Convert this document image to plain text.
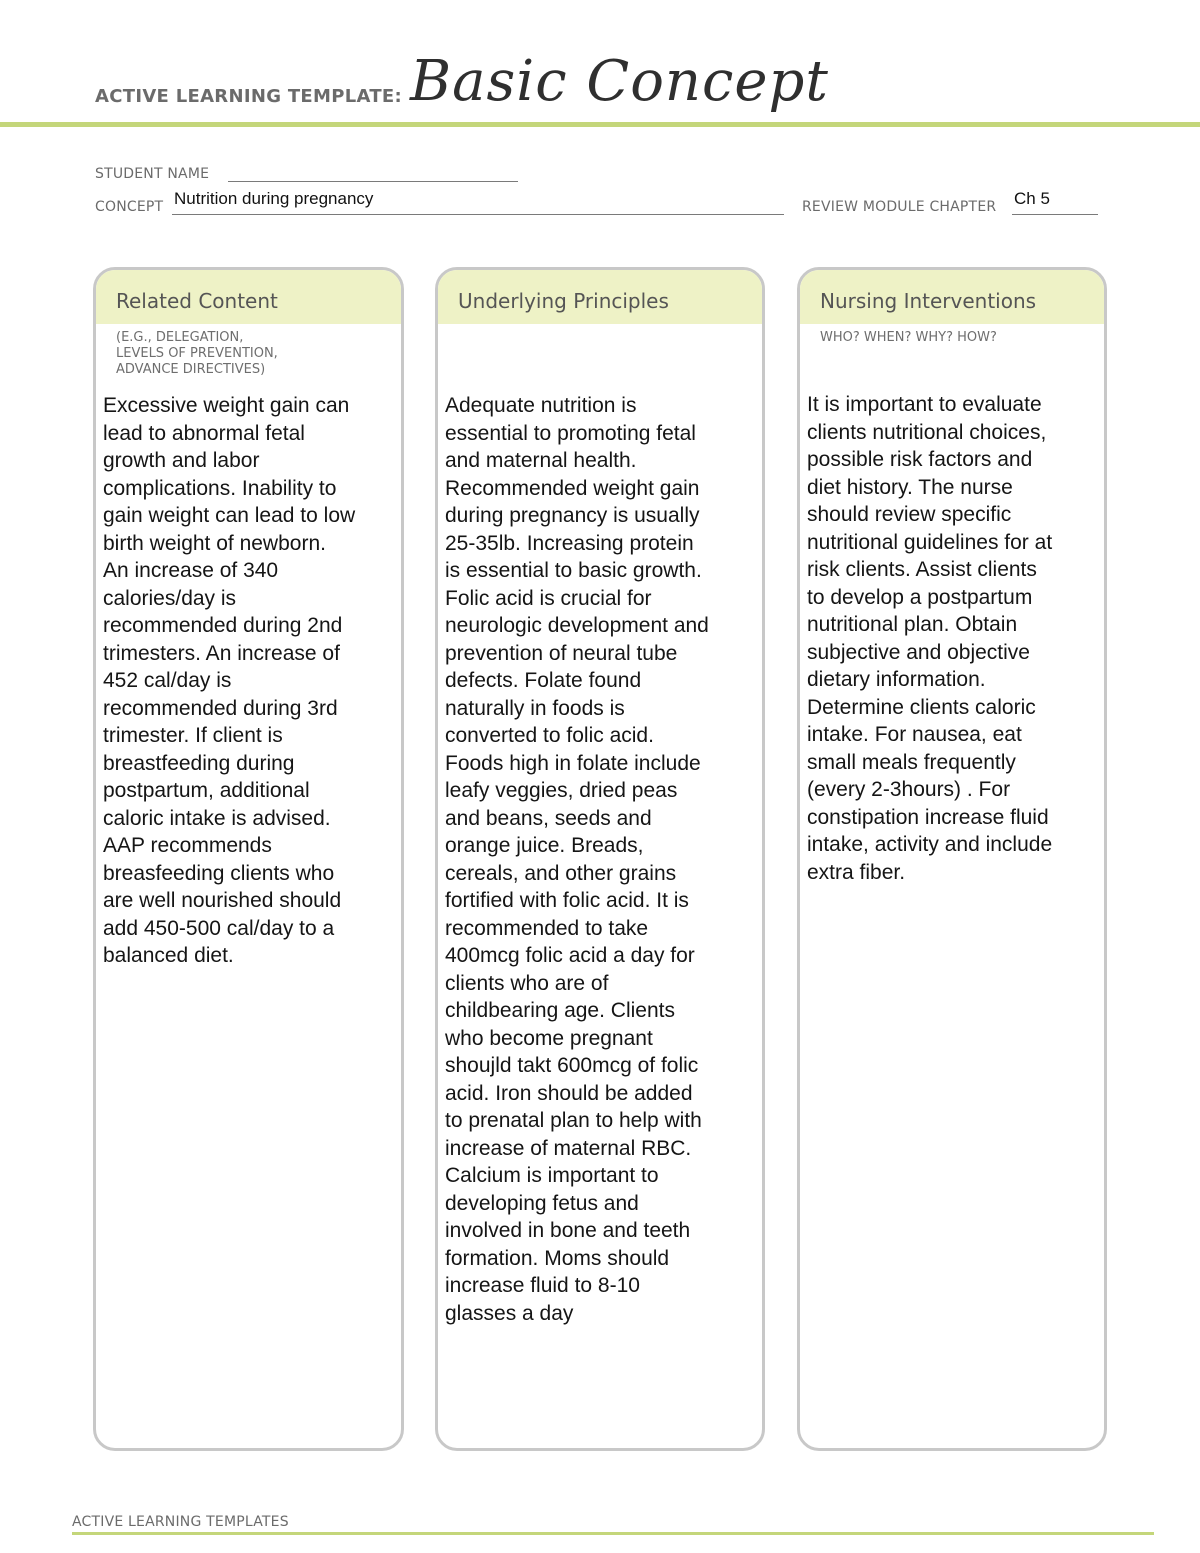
ACTIVE LEARNING TEMPLATE: Basic Concept
STUDENT NAME
CONCEPT Nutrition during pregnancy	REVIEW MODULE CHAPTER Ch 5
Related Content
(E.G., DELEGATION,
LEVELS OF PREVENTION,
ADVANCE DIRECTIVES)
Excessive weight gain can
lead to abnormal fetal
growth and labor
complications. Inability to
gain weight can lead to low
birth weight of newborn.
An increase of 340
calories/day is
recommended during 2nd
trimesters. An increase of
452 cal/day is
recommended during 3rd
trimester. If client is
breastfeeding during
postpartum, additional
caloric intake is advised.
AAP recommends
breasfeeding clients who
are well nourished should
add 450-500 cal/day to a
balanced diet.
Underlying Principles
Adequate nutrition is
essential to promoting fetal
and maternal health.
Recommended weight gain
during pregnancy is usually
25-35lb. Increasing protein
is essential to basic growth.
Folic acid is crucial for
neurologic development and
prevention of neural tube
defects. Folate found
naturally in foods is
converted to folic acid.
Foods high in folate include
leafy veggies, dried peas
and beans, seeds and
orange juice. Breads,
cereals, and other grains
fortified with folic acid. It is
recommended to take
400mcg folic acid a day for
clients who are of
childbearing age. Clients
who become pregnant
shoujld takt 600mcg of folic
acid. Iron should be added
to prenatal plan to help with
increase of maternal RBC.
Calcium is important to
developing fetus and
involved in bone and teeth
formation. Moms should
increase fluid to 8-10
glasses a day
Nursing Interventions
WHO? WHEN? WHY? HOW?
It is important to evaluate
clients nutritional choices,
possible risk factors and
diet history. The nurse
should review specific
nutritional guidelines for at
risk clients. Assist clients
to develop a postpartum
nutritional plan. Obtain
subjective and objective
dietary information.
Determine clients caloric
intake. For nausea, eat
small meals frequently
(every 2-3hours) . For
constipation increase fluid
intake, activity and include
extra fiber.
ACTIVE LEARNING TEMPLATES
